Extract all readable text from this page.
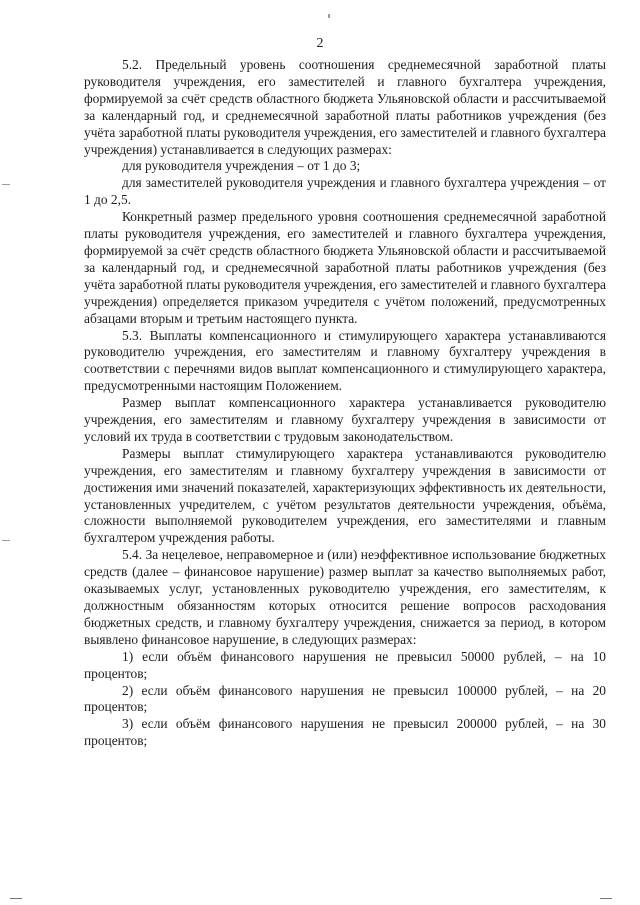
2

5.2. Предельный уровень соотношения среднемесячной заработной платы руководителя учреждения, его заместителей и главного бухгалтера учреждения, формируемой за счёт средств областного бюджета Ульяновской области и рассчитываемой за календарный год, и среднемесячной заработной платы работников учреждения (без учёта заработной платы руководителя учреждения, его заместителей и главного бухгалтера учреждения) устанавливается в следующих размерах:

для руководителя учреждения – от 1 до 3;

для заместителей руководителя учреждения и главного бухгалтера учреждения – от 1 до 2,5.

Конкретный размер предельного уровня соотношения среднемесячной заработной платы руководителя учреждения, его заместителей и главного бухгалтера учреждения, формируемой за счёт средств областного бюджета Ульяновской области и рассчитываемой за календарный год, и среднемесячной заработной платы работников учреждения (без учёта заработной платы руководителя учреждения, его заместителей и главного бухгалтера учреждения) определяется приказом учредителя с учётом положений, предусмотренных абзацами вторым и третьим настоящего пункта.

5.3. Выплаты компенсационного и стимулирующего характера устанавливаются руководителю учреждения, его заместителям и главному бухгалтеру учреждения в соответствии с перечнями видов выплат компенсационного и стимулирующего характера, предусмотренными настоящим Положением.

Размер выплат компенсационного характера устанавливается руководителю учреждения, его заместителям и главному бухгалтеру учреждения в зависимости от условий их труда в соответствии с трудовым законодательством.

Размеры выплат стимулирующего характера устанавливаются руководителю учреждения, его заместителям и главному бухгалтеру учреждения в зависимости от достижения ими значений показателей, характеризующих эффективность их деятельности, установленных учредителем, с учётом результатов деятельности учреждения, объёма, сложности выполняемой руководителем учреждения, его заместителями и главным бухгалтером учреждения работы.

5.4. За нецелевое, неправомерное и (или) неэффективное использование бюджетных средств (далее – финансовое нарушение) размер выплат за качество выполняемых работ, оказываемых услуг, установленных руководителю учреждения, его заместителям, к должностным обязанностям которых относится решение вопросов расходования бюджетных средств, и главному бухгалтеру учреждения, снижается за период, в котором выявлено финансовое нарушение, в следующих размерах:

1) если объём финансового нарушения не превысил 50000 рублей, – на 10 процентов;

2) если объём финансового нарушения не превысил 100000 рублей, – на 20 процентов;

3) если объём финансового нарушения не превысил 200000 рублей, – на 30 процентов;
